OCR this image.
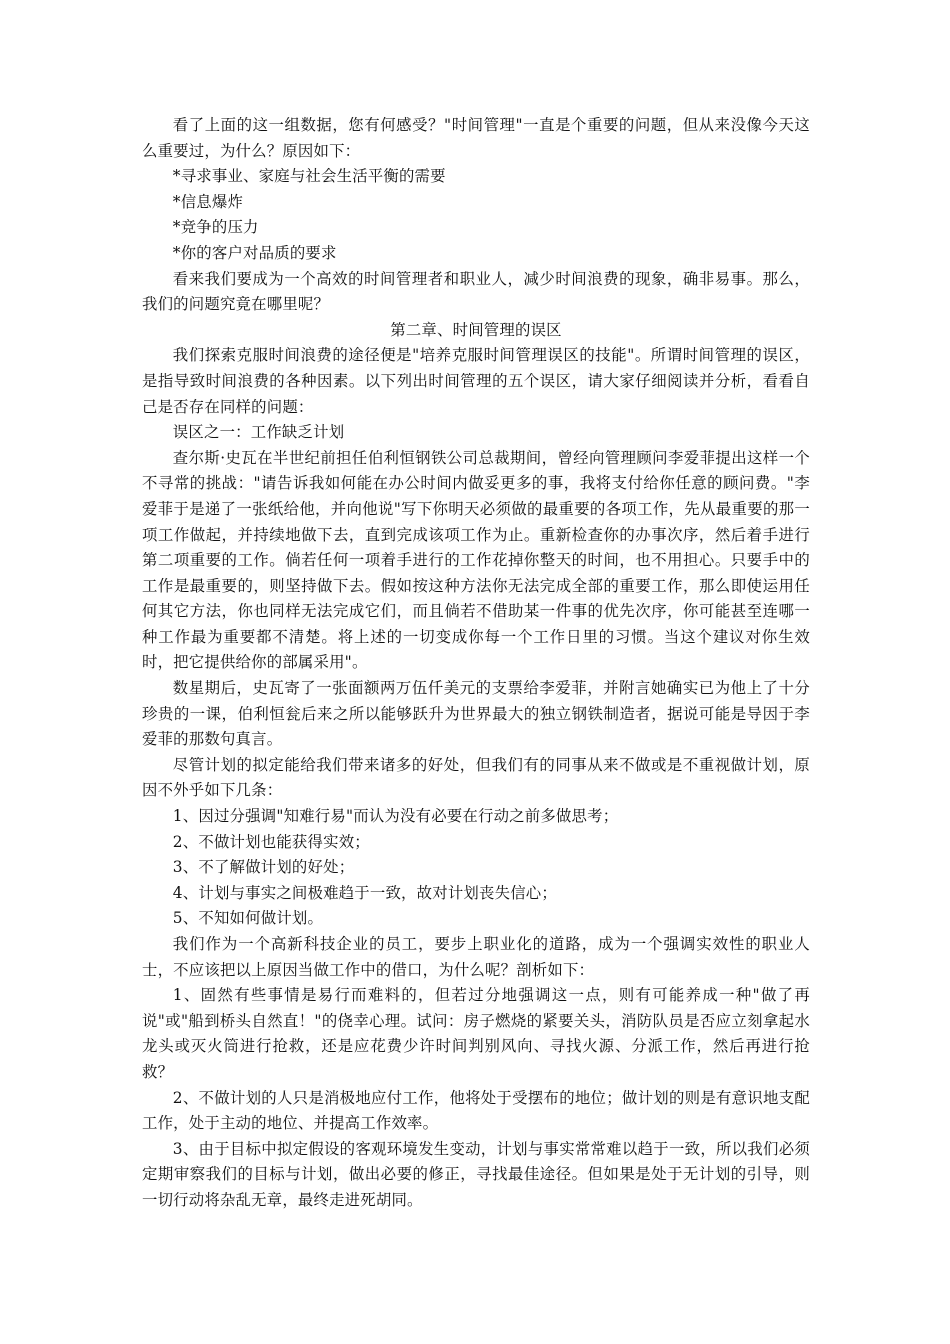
看了上面的这一组数据，您有何感受？"时间管理"一直是个重要的问题，但从来没像今天这么重要过，为什么？原因如下：

*寻求事业、家庭与社会生活平衡的需要

*信息爆炸

*竞争的压力

*你的客户对品质的要求

看来我们要成为一个高效的时间管理者和职业人，减少时间浪费的现象，确非易事。那么，我们的问题究竟在哪里呢？

第二章、时间管理的误区

我们探索克服时间浪费的途径便是"培养克服时间管理误区的技能"。所谓时间管理的误区，是指导致时间浪费的各种因素。以下列出时间管理的五个误区，请大家仔细阅读并分析，看看自己是否存在同样的问题：

误区之一：工作缺乏计划

查尔斯·史瓦在半世纪前担任伯利恒钢铁公司总裁期间，曾经向管理顾问李爱菲提出这样一个不寻常的挑战："请告诉我如何能在办公时间内做妥更多的事，我将支付给你任意的顾问费。"李爱菲于是递了一张纸给他，并向他说"写下你明天必须做的最重要的各项工作，先从最重要的那一项工作做起，并持续地做下去，直到完成该项工作为止。重新检查你的办事次序，然后着手进行第二项重要的工作。倘若任何一项着手进行的工作花掉你整天的时间，也不用担心。只要手中的工作是最重要的，则坚持做下去。假如按这种方法你无法完成全部的重要工作，那么即使运用任何其它方法，你也同样无法完成它们，而且倘若不借助某一件事的优先次序，你可能甚至连哪一种工作最为重要都不清楚。将上述的一切变成你每一个工作日里的习惯。当这个建议对你生效时，把它提供给你的部属采用"。

数星期后，史瓦寄了一张面额两万伍仟美元的支票给李爱菲，并附言她确实已为他上了十分珍贵的一课，伯利恒瓮后来之所以能够跃升为世界最大的独立钢铁制造者，据说可能是导因于李爱菲的那数句真言。

尽管计划的拟定能给我们带来诸多的好处，但我们有的同事从来不做或是不重视做计划，原因不外乎如下几条：

1、因过分强调"知难行易"而认为没有必要在行动之前多做思考；

2、不做计划也能获得实效；

3、不了解做计划的好处；

4、计划与事实之间极难趋于一致，故对计划丧失信心；

5、不知如何做计划。

我们作为一个高新科技企业的员工，要步上职业化的道路，成为一个强调实效性的职业人士，不应该把以上原因当做工作中的借口，为什么呢？剖析如下：

1、固然有些事情是易行而难料的，但若过分地强调这一点，则有可能养成一种"做了再说"或"船到桥头自然直！"的侥幸心理。试问：房子燃烧的紧要关头，消防队员是否应立刻拿起水龙头或灭火筒进行抢救，还是应花费少许时间判别风向、寻找火源、分派工作，然后再进行抢救？

2、不做计划的人只是消极地应付工作，他将处于受摆布的地位；做计划的则是有意识地支配工作，处于主动的地位、并提高工作效率。

3、由于目标中拟定假设的客观环境发生变动，计划与事实常常难以趋于一致，所以我们必须定期审察我们的目标与计划，做出必要的修正，寻找最佳途径。但如果是处于无计划的引导，则一切行动将杂乱无章，最终走进死胡同。
